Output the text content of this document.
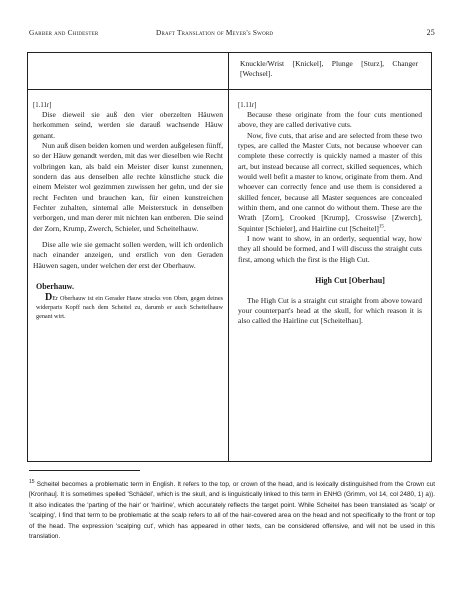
Garber and Chidester	Draft Translation of Meyer's Sword	25

Knuckle/Wrist [Knickel], Plunge [Sturz], Changer [Wechsel].

[1.11r]

Dise dieweil sie auß den vier oberzelten Häuwen herkommen seind, werden sie darauß wachsende Häuw genant.

Nun auß disen beiden komen und werden außgelesen fünff, so der Häuw genandt werden, mit das wer dieselben wie Recht volbringen kan, als bald ein Meister diser kunst zunennen, sondern das aus denselben alle rechte künstliche stuck die einem Meister wol gezimmen zuwissen her gehn, und der sie recht Fechten und brauchen kan, für einen kunstreichen Fechter zuhalten, sintemal alle Meisterstuck in denselben verborgen, und man derer mit nichten kan entberen. Die seind der Zorn, Krump, Zwerch, Schieler, und Scheitelhauw.

Dise alle wie sie gemacht sollen werden, will ich ordenlich nach einander anzeigen, und erstlich von den Geraden Häuwen sagen, under welchen der erst der Oberhauw.

Oberhauw.

DEr Oberhauw ist ein Gerader Hauw stracks von Oben, gegen deines widerparts Kopff nach dem Scheitel zu, darumb er auch Scheitelhauw genant wirt.

[1.11r]

Because these originate from the four cuts mentioned above, they are called derivative cuts.

Now, five cuts, that arise and are selected from these two types, are called the Master Cuts, not because whoever can complete these correctly is quickly named a master of this art, but instead because all correct, skilled sequences, which would well befit a master to know, originate from them. And whoever can correctly fence and use them is considered a skilled fencer, because all Master sequences are concealed within them, and one cannot do without them. These are the Wrath [Zorn], Crooked [Krump], Crosswise [Zwerch], Squinter [Schieler], and Hairline cut [Scheitel]$^{15}$.

I now want to show, in an orderly, sequential way, how they all should be formed, and I will discuss the straight cuts first, among which the first is the High Cut.

High Cut [Oberhau]

The High Cut is a straight cut straight from above toward your counterpart's head at the skull, for which reason it is also called the Hairline cut [Scheitelhau].

$^{15}$ Scheitel becomes a problematic term in English. It refers to the top, or crown of the head, and is lexically distinguished from the Crown cut [Kronhau]. It is sometimes spelled 'Schädel', which is the skull, and is linguistically linked to this term in ENHG (Grimm, vol 14, col 2480, 1) a)). It also indicates the 'parting of the hair' or 'hairline', which accurately reflects the target point. While Scheitel has been translated as 'scalp' or 'scalping', I find that term to be problematic at the scalp refers to all of the hair-covered area on the head and not specifically to the front or top of the head. The expression 'scalping cut', which has appeared in other texts, can be considered offensive, and will not be used in this translation.
